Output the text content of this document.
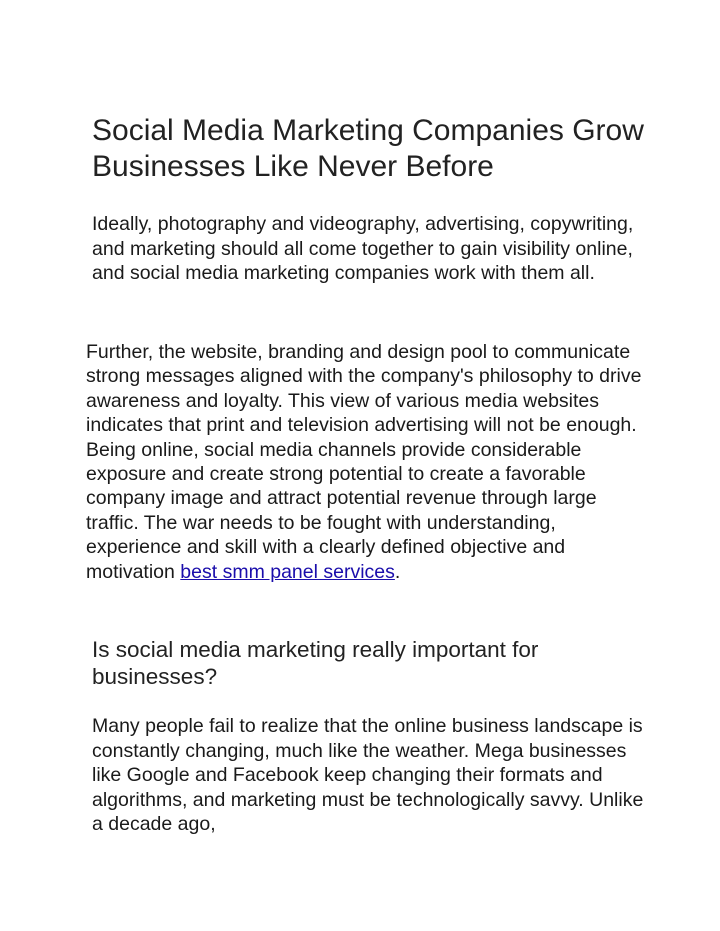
Social Media Marketing Companies Grow Businesses Like Never Before

Ideally, photography and videography, advertising, copywriting, and marketing should all come together to gain visibility online, and social media marketing companies work with them all.

Further, the website, branding and design pool to communicate strong messages aligned with the company's philosophy to drive awareness and loyalty. This view of various media websites indicates that print and television advertising will not be enough. Being online, social media channels provide considerable exposure and create strong potential to create a favorable company image and attract potential revenue through large traffic. The war needs to be fought with understanding, experience and skill with a clearly defined objective and motivation best smm panel services.

Is social media marketing really important for businesses?

Many people fail to realize that the online business landscape is constantly changing, much like the weather. Mega businesses like Google and Facebook keep changing their formats and algorithms, and marketing must be technologically savvy. Unlike a decade ago,
